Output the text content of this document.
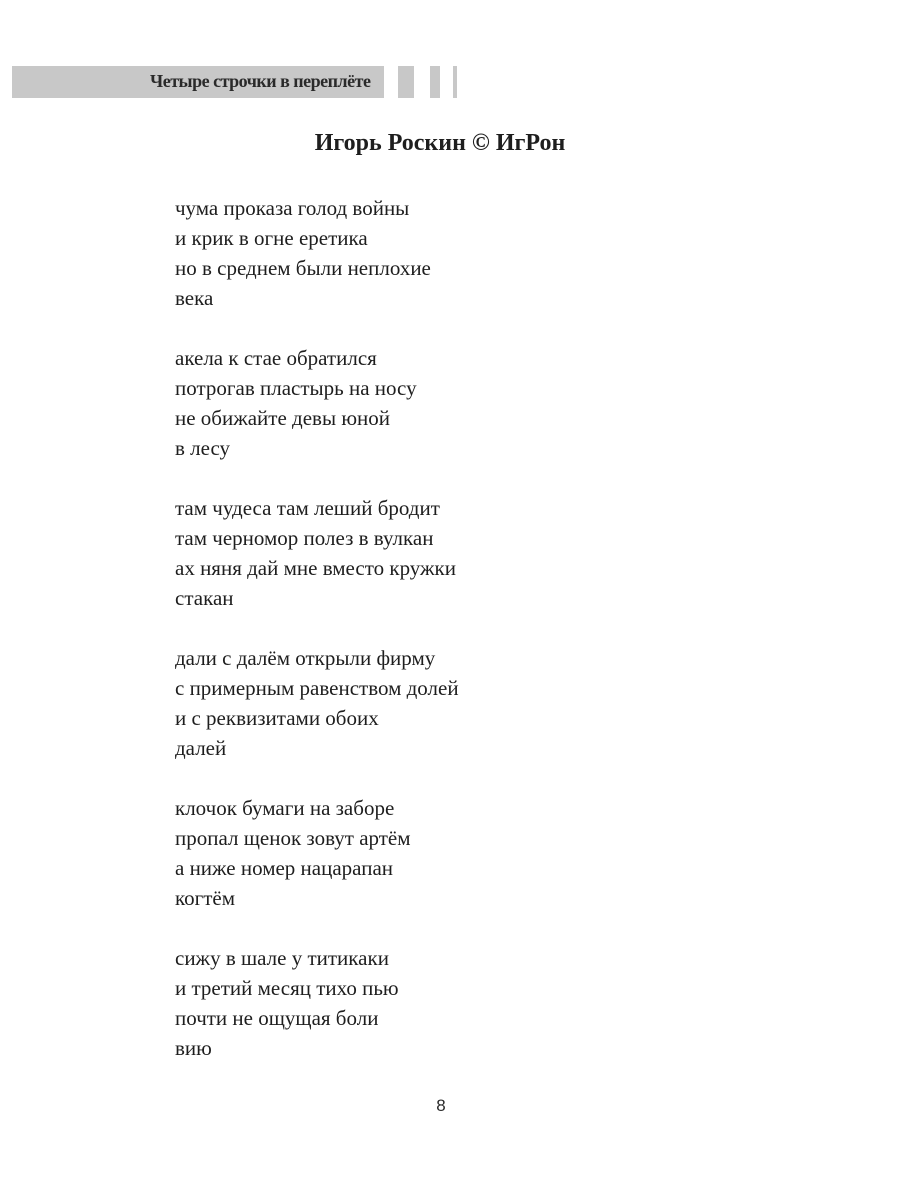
Четыре строчки в переплёте
Игорь Роскин © ИгРон
чума проказа голод войны
и крик в огне еретика
но в среднем были неплохие
века
акела к стае обратился
потрогав пластырь на носу
не обижайте девы юной
в лесу
там чудеса там леший бродит
там черномор полез в вулкан
ах няня дай мне вместо кружки
стакан
дали с далём открыли фирму
с примерным равенством долей
и с реквизитами обоих
далей
клочок бумаги на заборе
пропал щенок зовут артём
а ниже номер нацарапан
когтём
сижу в шале у титикаки
и третий месяц тихо пью
почти не ощущая боли
вию
8
